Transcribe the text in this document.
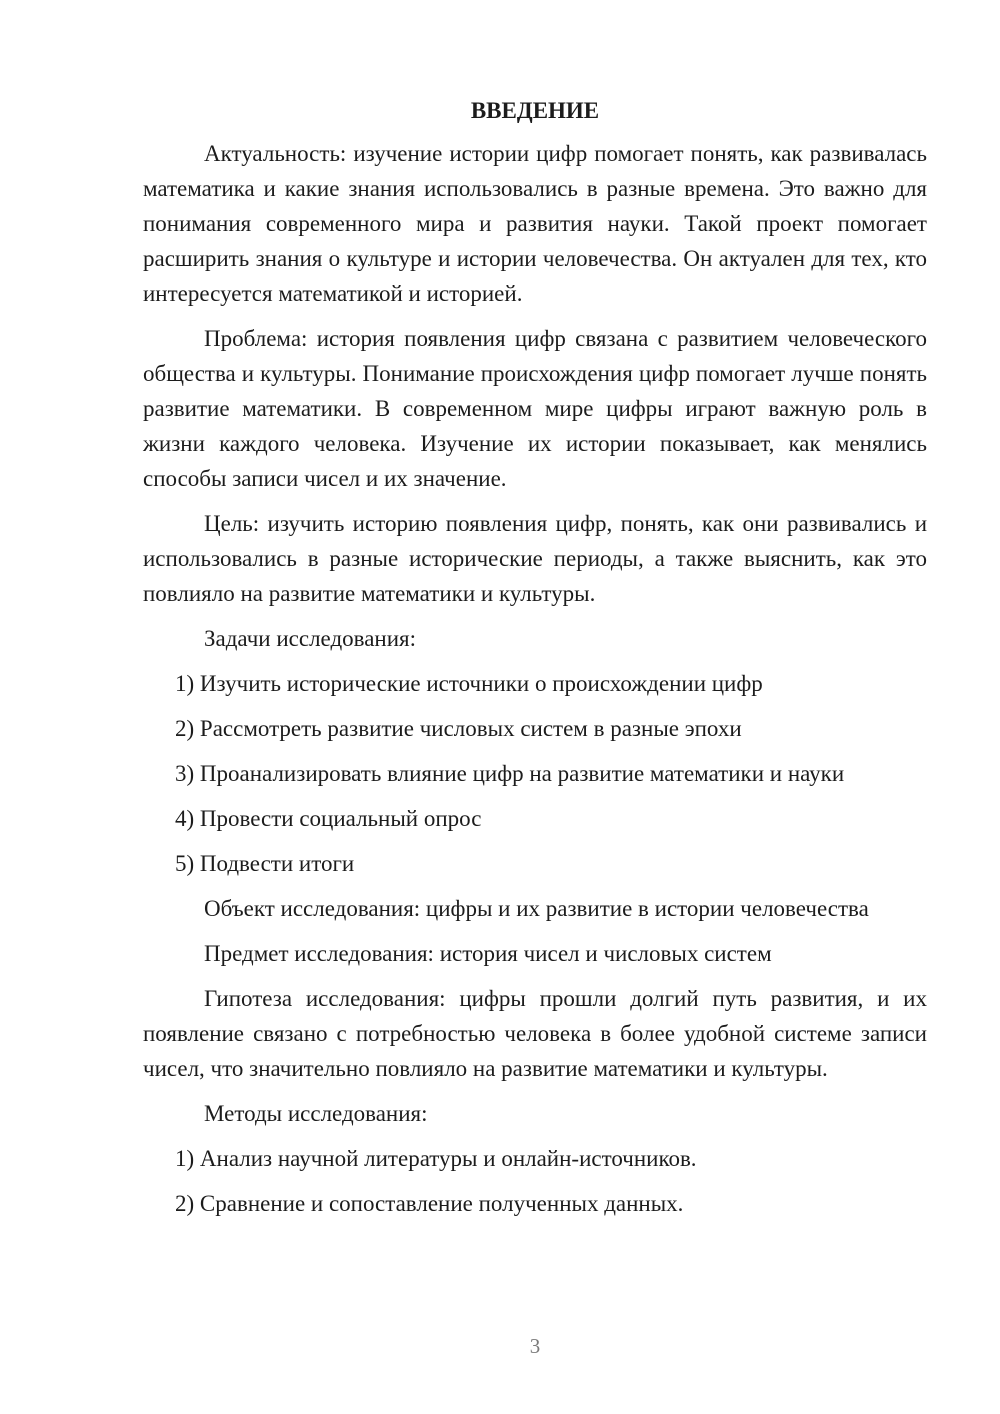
ВВЕДЕНИЕ

Актуальность: изучение истории цифр помогает понять, как развивалась математика и какие знания использовались в разные времена. Это важно для понимания современного мира и развития науки. Такой проект помогает расширить знания о культуре и истории человечества. Он актуален для тех, кто интересуется математикой и историей.

Проблема: история появления цифр связана с развитием человеческого общества и культуры. Понимание происхождения цифр помогает лучше понять развитие математики. В современном мире цифры играют важную роль в жизни каждого человека. Изучение их истории показывает, как менялись способы записи чисел и их значение.

Цель: изучить историю появления цифр, понять, как они развивались и использовались в разные исторические периоды, а также выяснить, как это повлияло на развитие математики и культуры.

Задачи исследования:

1) Изучить исторические источники о происхождении цифр
2) Рассмотреть развитие числовых систем в разные эпохи
3) Проанализировать влияние цифр на развитие математики и науки
4) Провести социальный опрос
5) Подвести итоги

Объект исследования: цифры и их развитие в истории человечества

Предмет исследования: история чисел и числовых систем

Гипотеза исследования: цифры прошли долгий путь развития, и их появление связано с потребностью человека в более удобной системе записи чисел, что значительно повлияло на развитие математики и культуры.

Методы исследования:

1) Анализ научной литературы и онлайн-источников.
2) Сравнение и сопоставление полученных данных.
3
